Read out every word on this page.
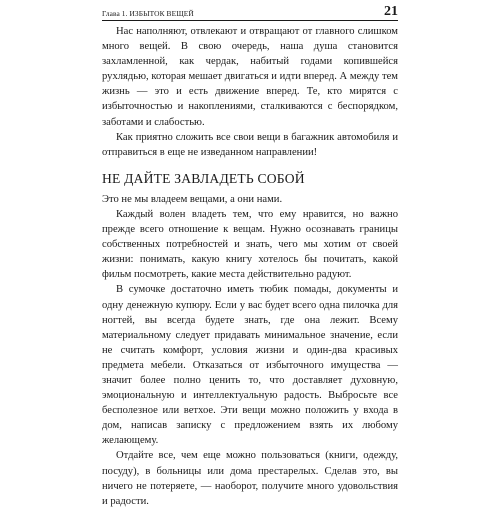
Глава 1. ИЗБЫТОК ВЕЩЕЙ	21

Нас наполняют, отвлекают и отвращают от главного слишком много вещей. В свою очередь, наша душа становится захламленной, как чердак, набитый годами копившейся рухлядью, которая мешает двигаться и идти вперед. А между тем жизнь — это и есть движение вперед. Те, кто мирятся с избыточностью и накоплениями, сталкиваются с беспорядком, заботами и слабостью.

Как приятно сложить все свои вещи в багажник автомобиля и отправиться в еще не изведанном направлении!

НЕ ДАЙТЕ ЗАВЛАДЕТЬ СОБОЙ

Это не мы владеем вещами, а они нами.

Каждый волен владеть тем, что ему нравится, но важно прежде всего отношение к вещам. Нужно осознавать границы собственных потребностей и знать, чего мы хотим от своей жизни: понимать, какую книгу хотелось бы почитать, какой фильм посмотреть, какие места действительно радуют.

В сумочке достаточно иметь тюбик помады, документы и одну денежную купюру. Если у вас будет всего одна пилочка для ногтей, вы всегда будете знать, где она лежит. Всему материальному следует придавать минимальное значение, если не считать комфорт, условия жизни и один-два красивых предмета мебели. Отказаться от избыточного имущества — значит более полно ценить то, что доставляет духовную, эмоциональную и интеллектуальную радость. Выбросьте все бесполезное или ветхое. Эти вещи можно положить у входа в дом, написав записку с предложением взять их любому желающему.

Отдайте все, чем еще можно пользоваться (книги, одежду, посуду), в больницы или дома престарелых. Сделав это, вы ничего не потеряете, — наоборот, получите много удовольствия и радости.
